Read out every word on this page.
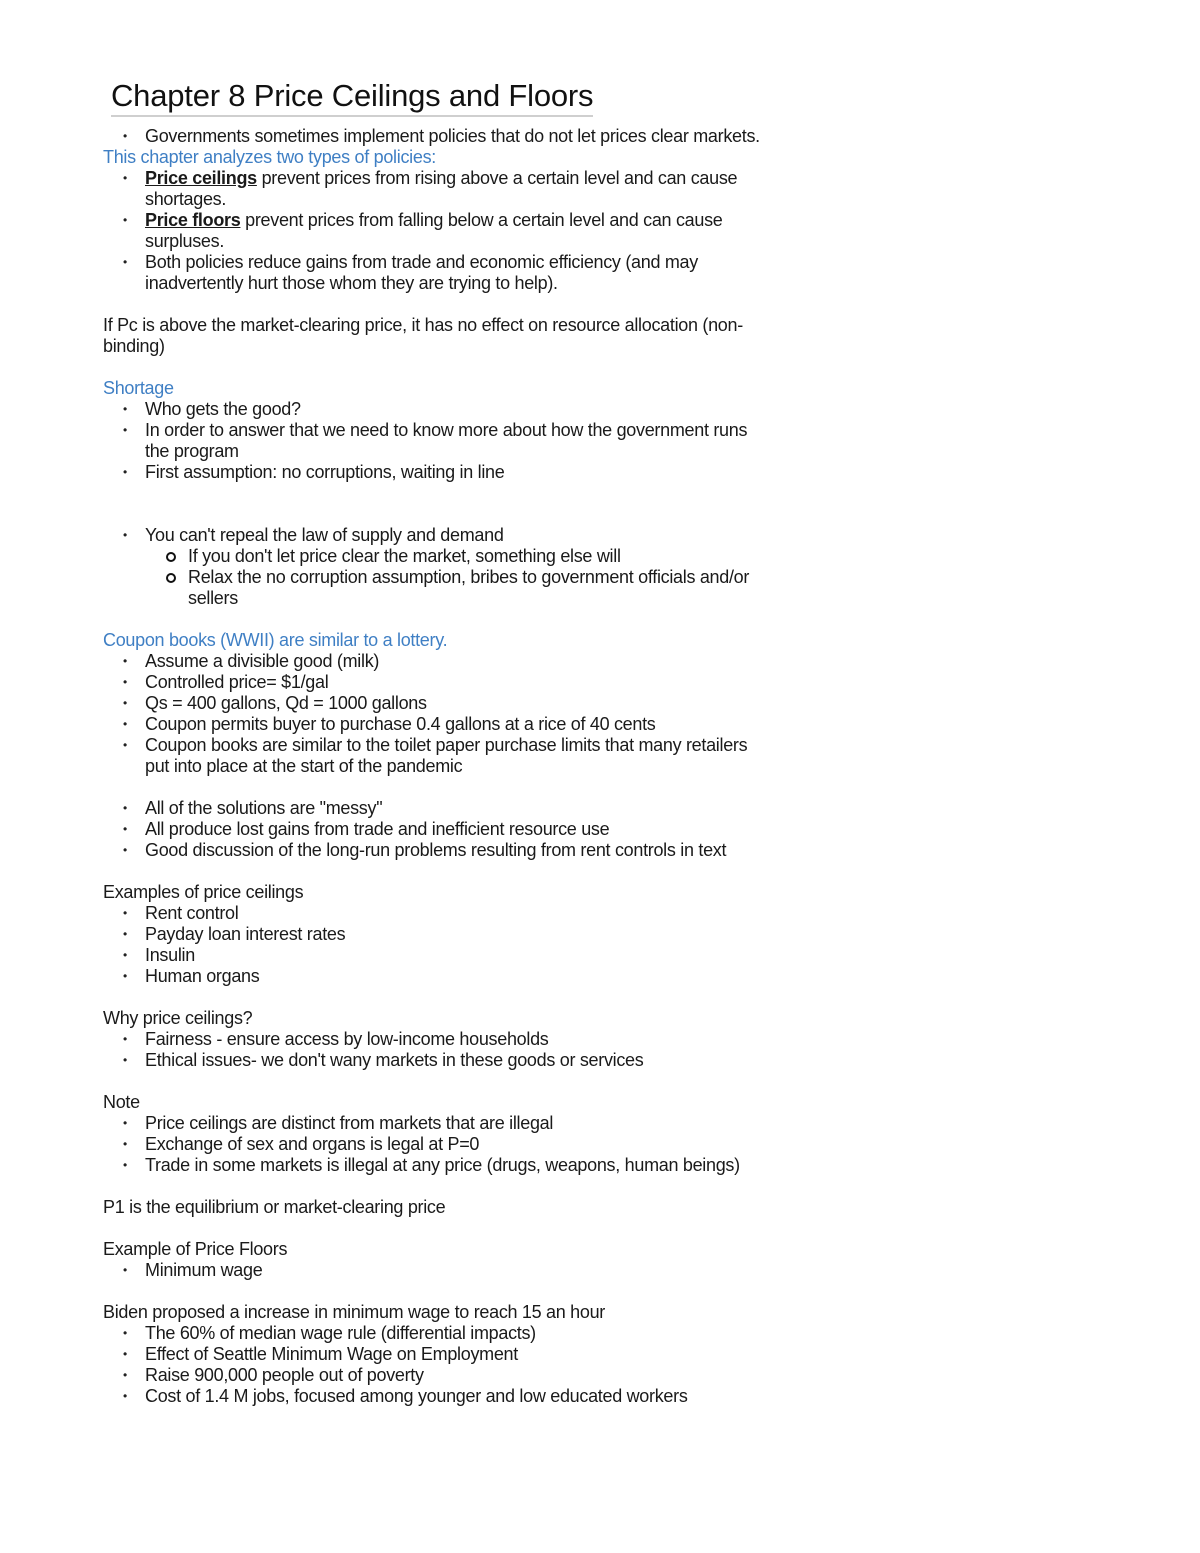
Chapter 8 Price Ceilings and Floors
• Governments sometimes implement policies that do not let prices clear markets.
This chapter analyzes two types of policies:
• Price ceilings prevent prices from rising above a certain level and can cause shortages.
• Price floors prevent prices from falling below a certain level and can cause surpluses.
• Both policies reduce gains from trade and economic efficiency (and may inadvertently hurt those whom they are trying to help).
If Pc is above the market-clearing price, it has no effect on resource allocation (non-binding)
Shortage
• Who gets the good?
• In order to answer that we need to know more about how the government runs the program
• First assumption: no corruptions, waiting in line
• You can't repeal the law of supply and demand
If you don't let price clear the market, something else will
Relax the no corruption assumption, bribes to government officials and/or sellers
Coupon books (WWII) are similar to a lottery.
• Assume a divisible good (milk)
• Controlled price= $1/gal
• Qs = 400 gallons, Qd = 1000 gallons
• Coupon permits buyer to purchase 0.4 gallons at a rice of 40 cents
• Coupon books are similar to the toilet paper purchase limits that many retailers put into place at the start of the pandemic
• All of the solutions are "messy"
• All produce lost gains from trade and inefficient resource use
• Good discussion of the long-run problems resulting from rent controls in text
Examples of price ceilings
• Rent control
• Payday loan interest rates
• Insulin
• Human organs
Why price ceilings?
• Fairness - ensure access by low-income households
• Ethical issues- we don't wany markets in these goods or services
Note
• Price ceilings are distinct from markets that are illegal
• Exchange of sex and organs is legal at P=0
• Trade in some markets is illegal at any price (drugs, weapons, human beings)
P1 is the equilibrium or market-clearing price
Example of Price Floors
• Minimum wage
Biden proposed a increase in minimum wage to reach 15 an hour
• The 60% of median wage rule (differential impacts)
• Effect of Seattle Minimum Wage on Employment
• Raise 900,000 people out of poverty
• Cost of 1.4 M jobs, focused among younger and low educated workers
